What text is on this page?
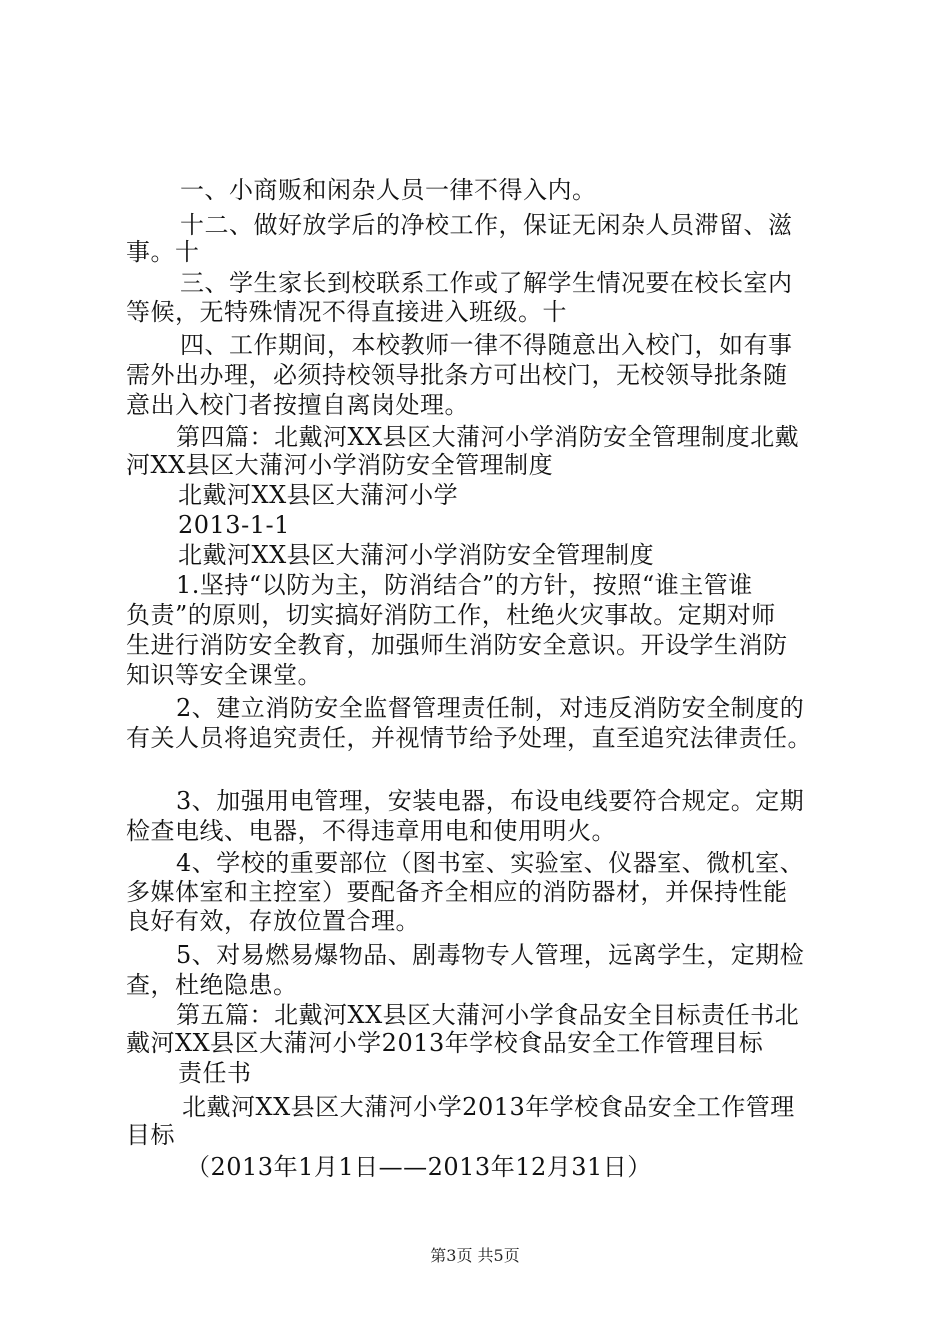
一、小商贩和闲杂人员一律不得入内。
十二、做好放学后的净校工作，保证无闲杂人员滞留、滋
事。十
三、学生家长到校联系工作或了解学生情况要在校长室内
等候，无特殊情况不得直接进入班级。十
四、工作期间，本校教师一律不得随意出入校门，如有事
需外出办理，必须持校领导批条方可出校门，无校领导批条随
意出入校门者按擅自离岗处理。
第四篇：北戴河XX县区大蒲河小学消防安全管理制度北戴
河XX县区大蒲河小学消防安全管理制度
北戴河XX县区大蒲河小学
2013-1-1
北戴河XX县区大蒲河小学消防安全管理制度
1.坚持“以防为主，防消结合”的方针，按照“谁主管谁
负责”的原则，切实搞好消防工作，杜绝火灾事故。定期对师
生进行消防安全教育，加强师生消防安全意识。开设学生消防
知识等安全课堂。
2、建立消防安全监督管理责任制，对违反消防安全制度的
有关人员将追究责任，并视情节给予处理，直至追究法律责任。
3、加强用电管理，安装电器，布设电线要符合规定。定期
检查电线、电器，不得违章用电和使用明火。
4、学校的重要部位（图书室、实验室、仪器室、微机室、
多媒体室和主控室）要配备齐全相应的消防器材，并保持性能
良好有效，存放位置合理。
5、对易燃易爆物品、剧毒物专人管理，远离学生，定期检
查，杜绝隐患。
第五篇：北戴河XX县区大蒲河小学食品安全目标责任书北
戴河XX县区大蒲河小学2013年学校食品安全工作管理目标
责任书
北戴河XX县区大蒲河小学2013年学校食品安全工作管理
目标
（2013年1月1日——2013年12月31日）
第3页 共5页
